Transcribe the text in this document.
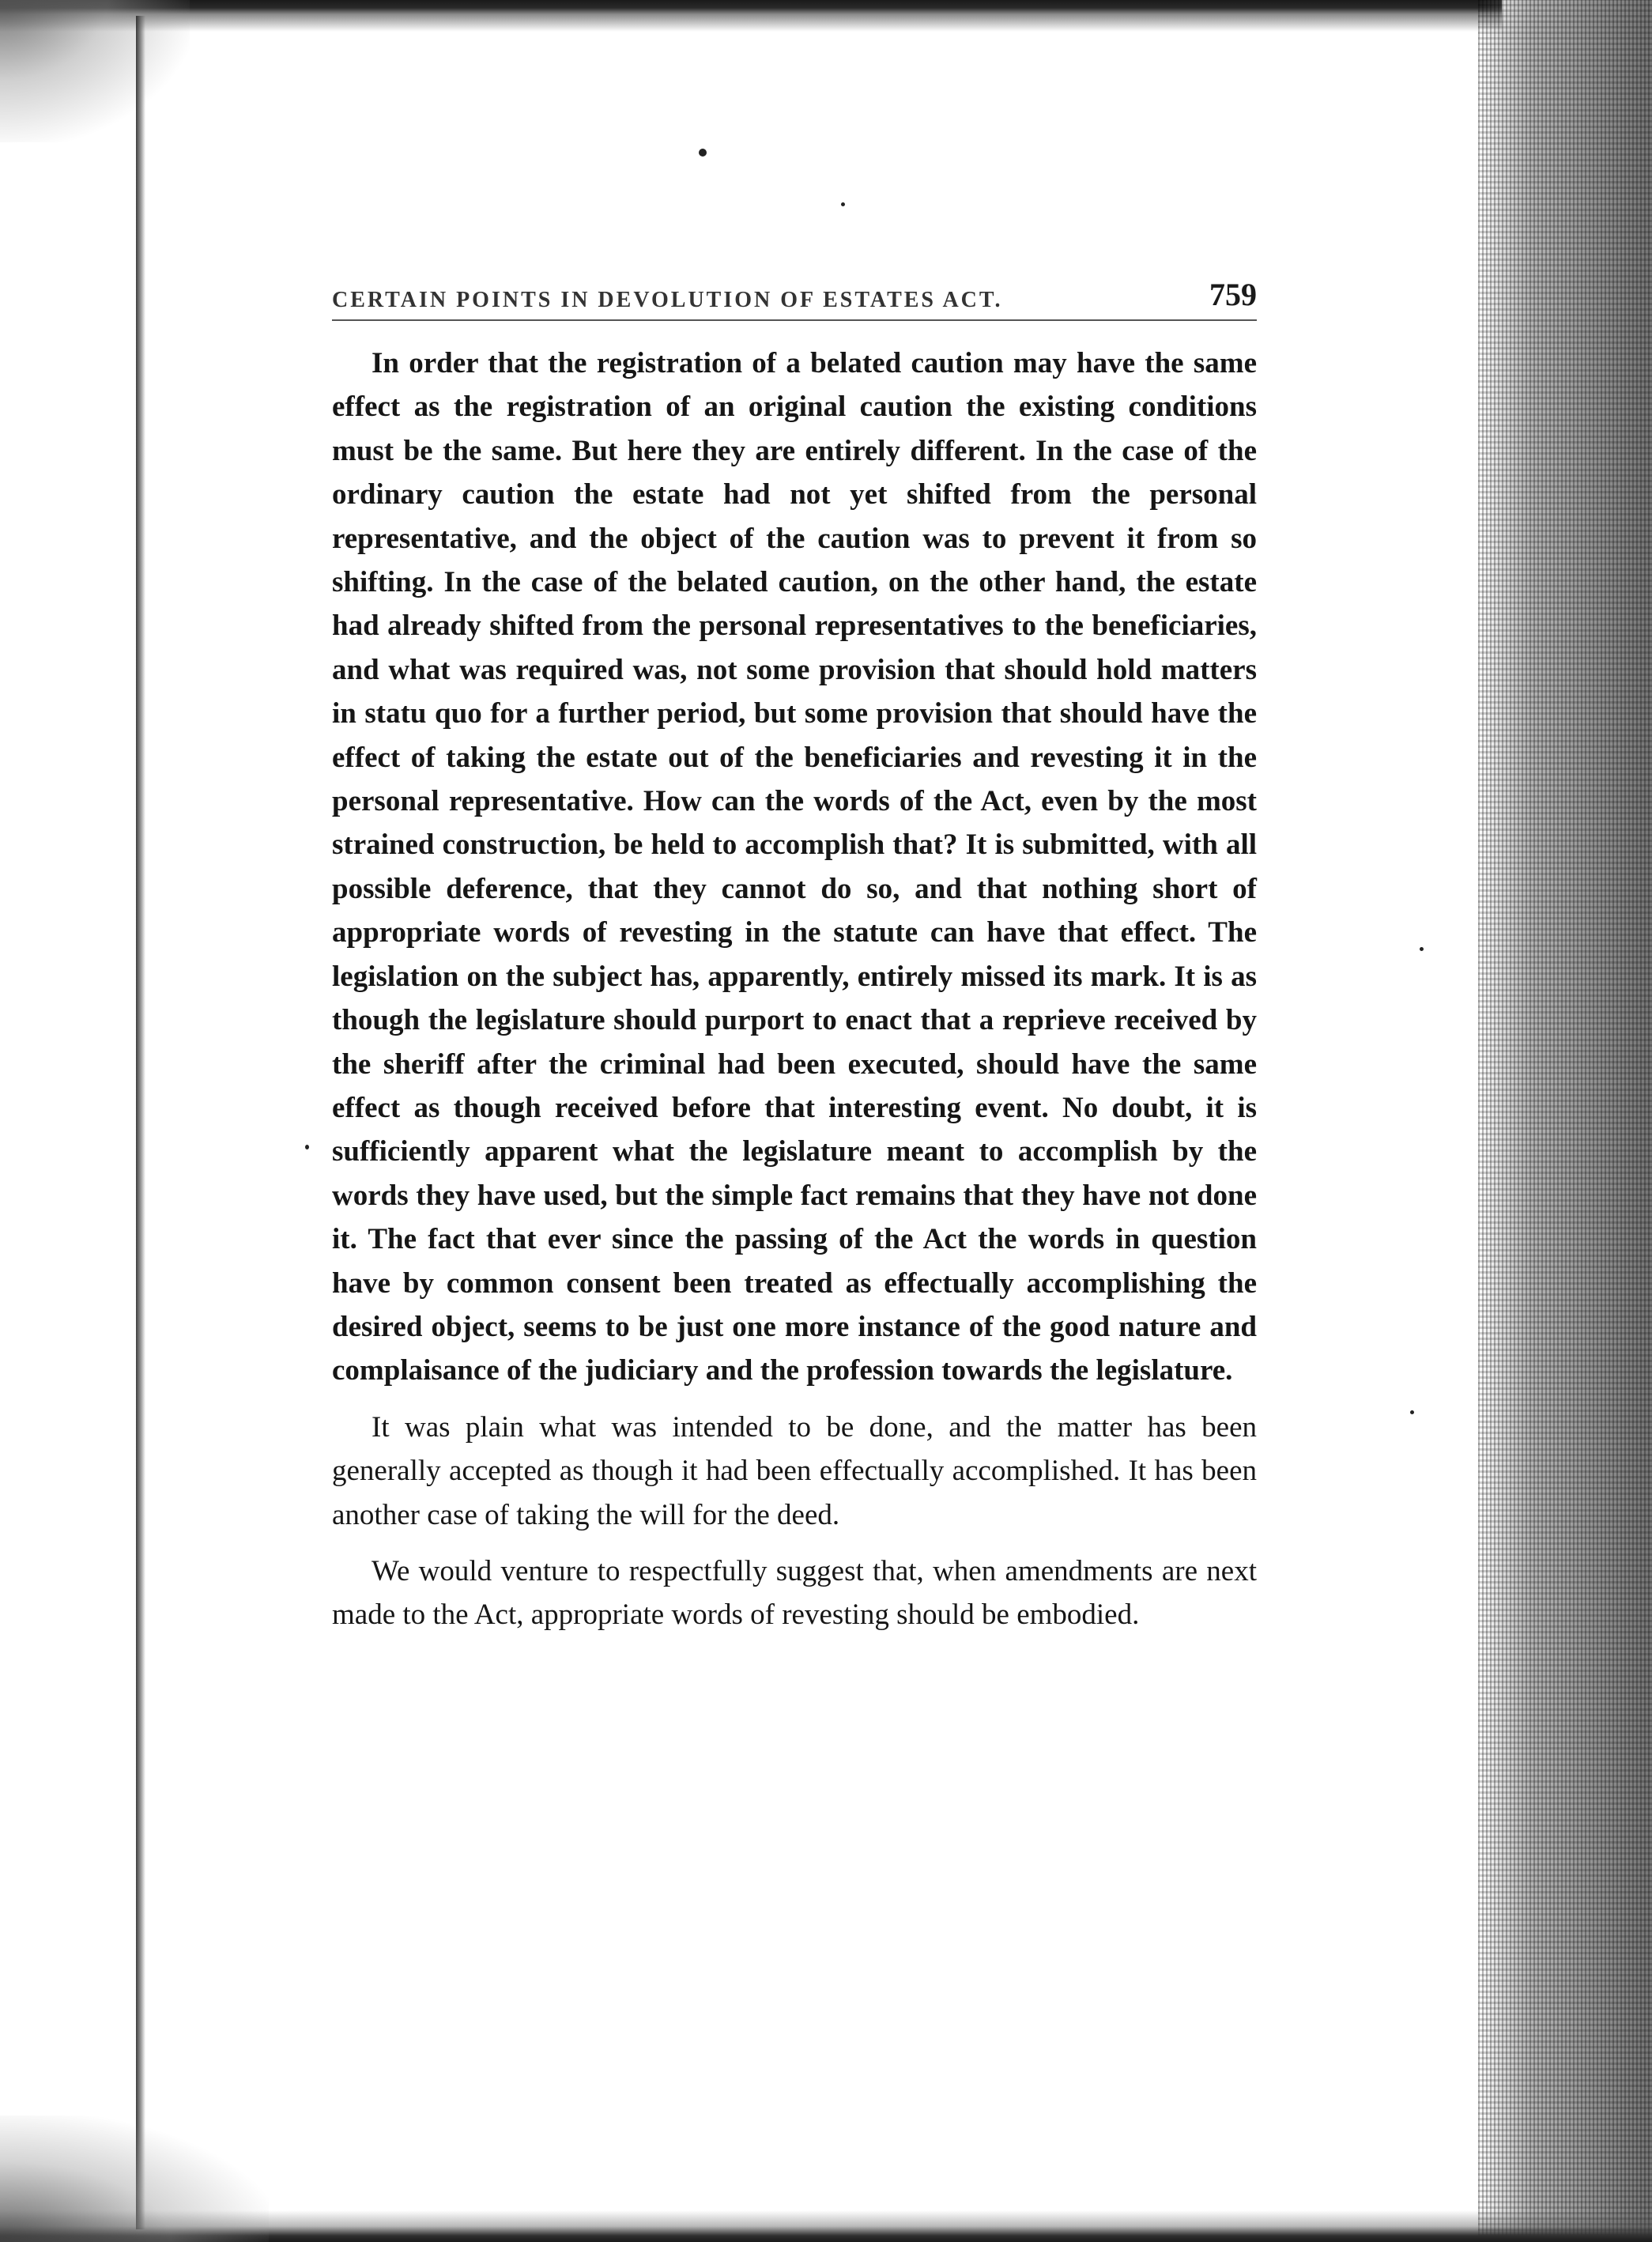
CERTAIN POINTS IN DEVOLUTION OF ESTATES ACT.	759

In order that the registration of a belated caution may have the same effect as the registration of an original caution the existing conditions must be the same. But here they are entirely different. In the case of the ordinary caution the estate had not yet shifted from the personal representative, and the object of the caution was to prevent it from so shifting. In the case of the belated caution, on the other hand, the estate had already shifted from the personal representatives to the beneficiaries, and what was required was, not some provision that should hold matters in statu quo for a further period, but some provision that should have the effect of taking the estate out of the beneficiaries and revesting it in the personal representative. How can the words of the Act, even by the most strained construction, be held to accomplish that? It is submitted, with all possible deference, that they cannot do so, and that nothing short of appropriate words of revesting in the statute can have that effect. The legislation on the subject has, apparently, entirely missed its mark. It is as though the legislature should purport to enact that a reprieve received by the sheriff after the criminal had been executed, should have the same effect as though received before that interesting event. No doubt, it is sufficiently apparent what the legislature meant to accomplish by the words they have used, but the simple fact remains that they have not done it. The fact that ever since the passing of the Act the words in question have by common consent been treated as effectually accomplishing the desired object, seems to be just one more instance of the good nature and complaisance of the judiciary and the profession towards the legislature.

It was plain what was intended to be done, and the matter has been generally accepted as though it had been effectually accomplished. It has been another case of taking the will for the deed.

We would venture to respectfully suggest that, when amendments are next made to the Act, appropriate words of revesting should be embodied.
